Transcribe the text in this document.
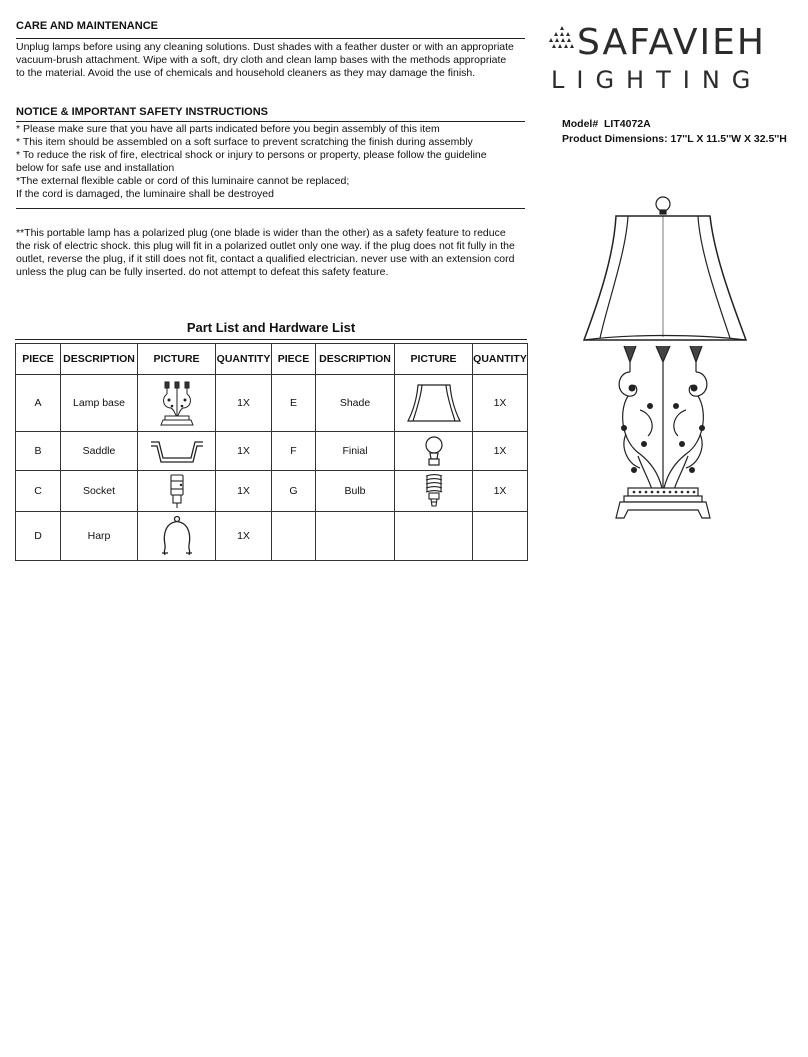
CARE AND MAINTENANCE
Unplug lamps before using any cleaning solutions. Dust shades with a feather duster or with an appropriate
vacuum-brush attachment. Wipe with a soft, dry cloth and clean lamp bases with the methods appropriate
to the material. Avoid the use of chemicals and household cleaners as they may damage the finish.
NOTICE & IMPORTANT SAFETY INSTRUCTIONS
* Please make sure that you have all parts indicated before you begin assembly of this item
* This item should be assembled on a soft surface to prevent scratching the finish during assembly
* To reduce the risk of fire, electrical shock or injury to persons or property, please follow the guideline
below for safe use and installation
*The external flexible cable or cord of this luminaire cannot be replaced;
If the cord is damaged, the luminaire shall be destroyed
**This portable lamp has a polarized plug (one blade is wider than the other) as a safety feature to reduce
the risk of electric shock. this plug will fit in a polarized outlet only one way. if the plug does not fit fully in the
outlet, reverse the plug, if it still does not fit, contact a qualified electrician. never use with an extension cord
unless the plug can be fully inserted. do not attempt to defeat this safety feature.
SAFAVIEH
LIGHTING
Model# LIT4072A
Product Dimensions: 17''L X 11.5''W X 32.5''H
Part List and Hardware List
PIECE	DESCRIPTION	PICTURE	QUANTITY	PIECE	DESCRIPTION	PICTURE	QUANTITY
A	Lamp base		1X	E	Shade		1X
B	Saddle		1X	F	Finial		1X
C	Socket		1X	G	Bulb		1X
D	Harp		1X				
